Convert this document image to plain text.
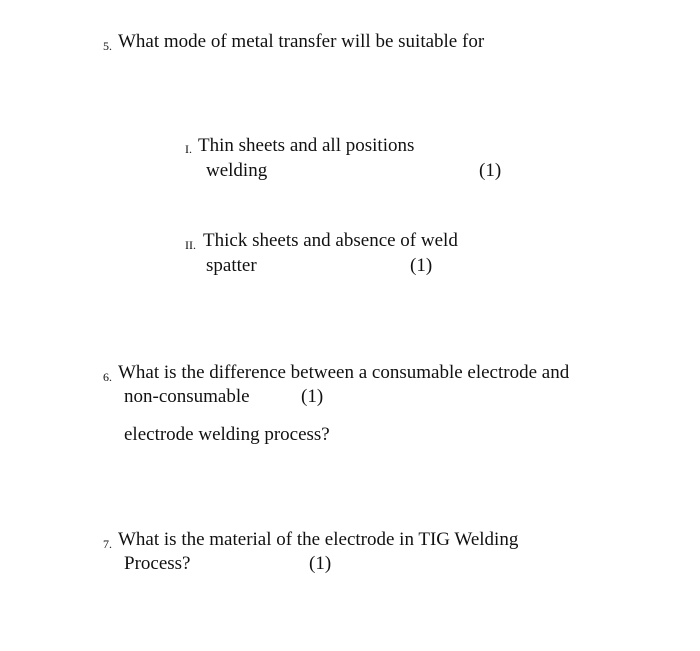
5. What mode of metal transfer will be suitable for
I. Thin sheets and all positions
welding	(1)
II. Thick sheets and absence of weld
spatter	(1)
6. What is the difference between a consumable electrode and
non-consumable	(1)
electrode welding process?
7. What is the material of the electrode in TIG Welding
Process?	(1)
